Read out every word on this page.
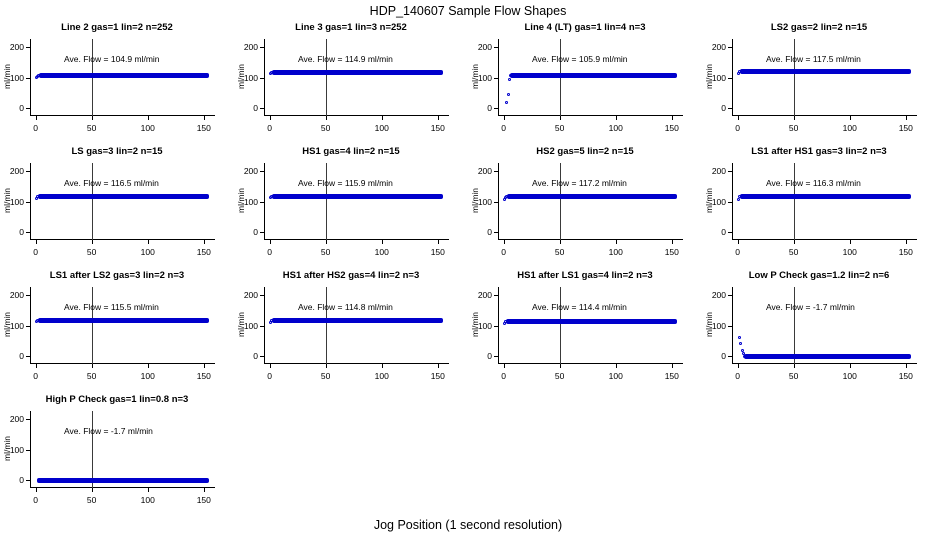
HDP_140607 Sample Flow Shapes
Line 2 gas=1 lin=2 n=252
ml/min
0
100
200
0	50	100	150
Ave. Flow = 104.9 ml/min
Line 3 gas=1 lin=3 n=252
ml/min
0
100
200
0	50	100	150
Ave. Flow = 114.9 ml/min
Line 4 (LT) gas=1 lin=4 n=3
ml/min
0
100
200
0	50	100	150
Ave. Flow = 105.9 ml/min
LS2 gas=2 lin=2 n=15
ml/min
0
100
200
0	50	100	150
Ave. Flow = 117.5 ml/min
LS gas=3 lin=2 n=15
ml/min
0
100
200
0	50	100	150
Ave. Flow = 116.5 ml/min
HS1 gas=4 lin=2 n=15
ml/min
0
100
200
0	50	100	150
Ave. Flow = 115.9 ml/min
HS2 gas=5 lin=2 n=15
ml/min
0
100
200
0	50	100	150
Ave. Flow = 117.2 ml/min
LS1 after HS1 gas=3 lin=2 n=3
ml/min
0
100
200
0	50	100	150
Ave. Flow = 116.3 ml/min
LS1 after LS2 gas=3 lin=2 n=3
ml/min
0
100
200
0	50	100	150
Ave. Flow = 115.5 ml/min
HS1 after HS2 gas=4 lin=2 n=3
ml/min
0
100
200
0	50	100	150
Ave. Flow = 114.8 ml/min
HS1 after LS1 gas=4 lin=2 n=3
ml/min
0
100
200
0	50	100	150
Ave. Flow = 114.4 ml/min
Low P Check gas=1.2 lin=2 n=6
ml/min
0
100
200
0	50	100	150
Ave. Flow = -1.7 ml/min
High P Check gas=1 lin=0.8 n=3
ml/min
0
100
200
0	50	100	150
Ave. Flow = -1.7 ml/min
Jog Position (1 second resolution)
